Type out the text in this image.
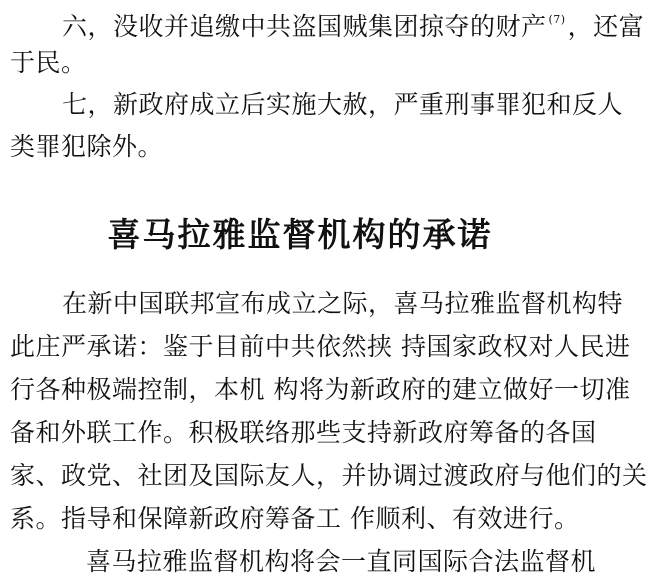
六，没收并追缴中共盗国贼集团掠夺的财产 $^{(7)}$，还富
于民。
七，新政府成立后实施大赦，严重刑事罪犯和反人
类罪犯除外。
喜马拉雅监督机构的承诺
在新中国联邦宣布成立之际，喜马拉雅监督机构特
此庄严承诺：鉴于目前中共依然挟 持国家政权对人民进
行各种极端控制，本机 构将为新政府的建立做好一切准
备和外联工作。积极联络那些支持新政府筹备的各国
家、政党、社团及国际友人，并协调过渡政府与他们的关
系。指导和保障新政府筹备工 作顺利、有效进行。
喜马拉雅监督机构将会一直同国际合法监督机
